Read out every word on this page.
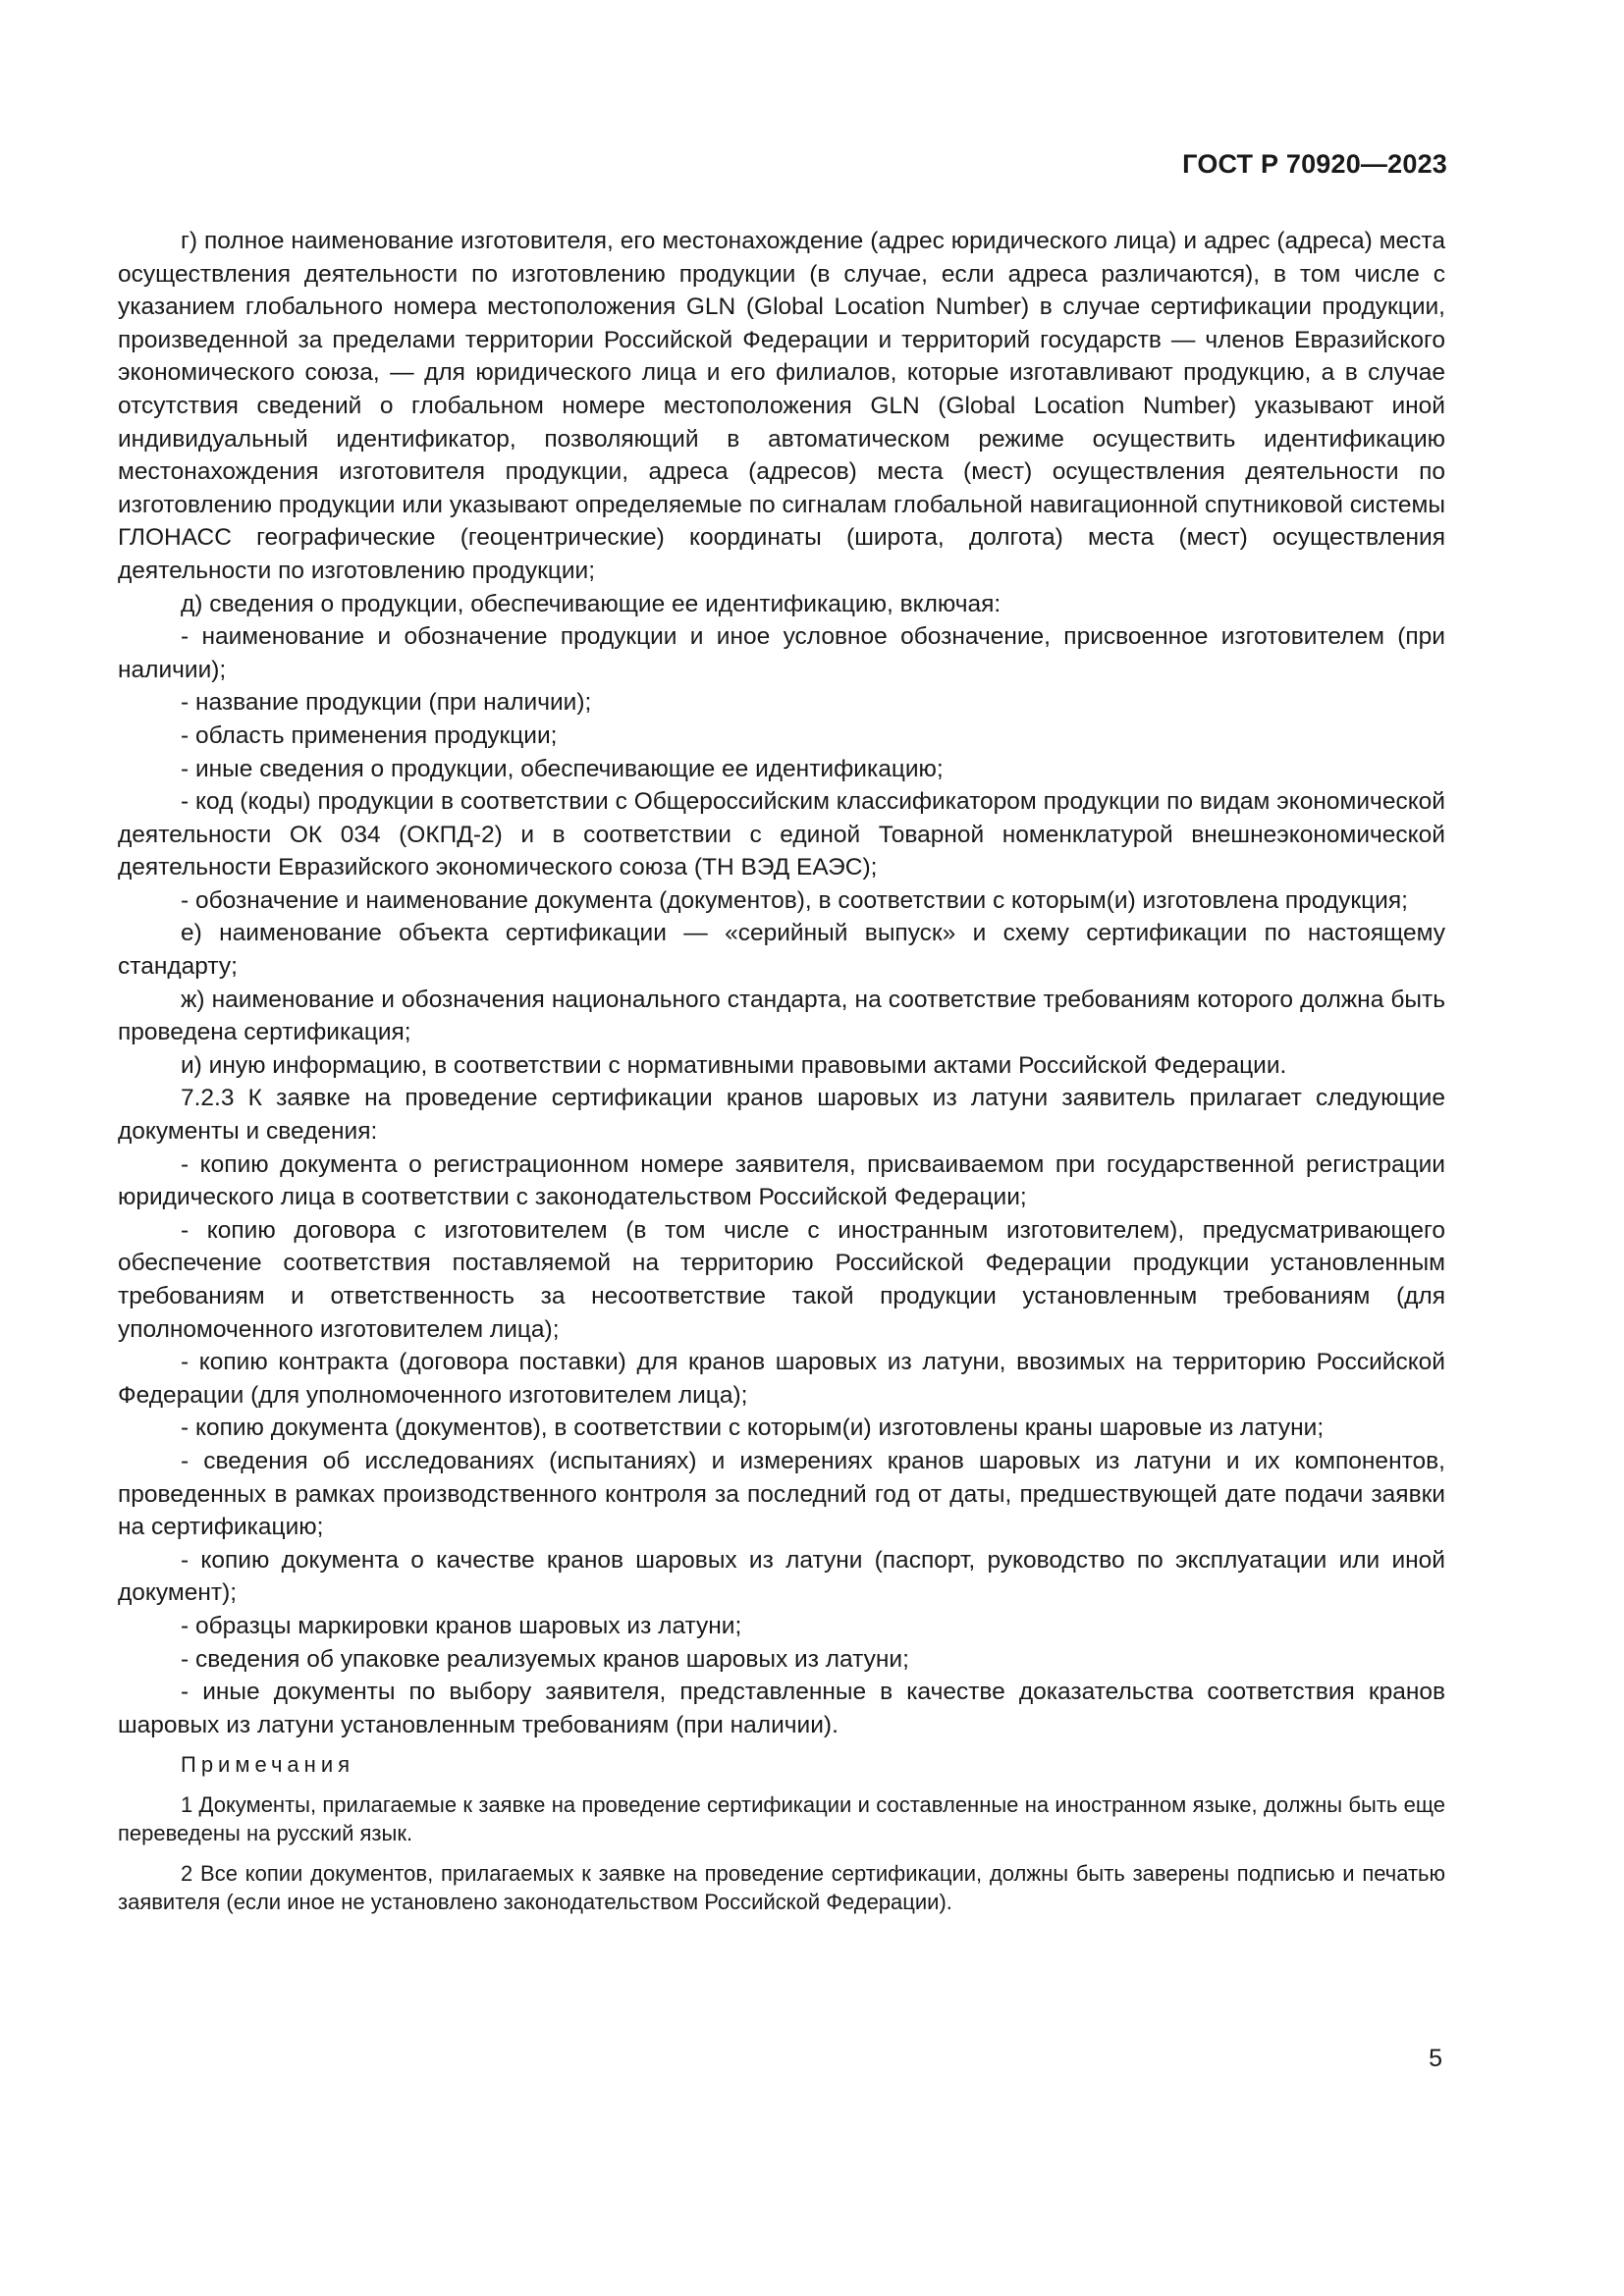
ГОСТ Р 70920—2023

г) полное наименование изготовителя, его местонахождение (адрес юридического лица) и адрес (адреса) места осуществления деятельности по изготовлению продукции (в случае, если адреса различаются), в том числе с указанием глобального номера местоположения GLN (Global Location Number) в случае сертификации продукции, произведенной за пределами территории Российской Федерации и территорий государств — членов Евразийского экономического союза, — для юридического лица и его филиалов, которые изготавливают продукцию, а в случае отсутствия сведений о глобальном номере местоположения GLN (Global Location Number) указывают иной индивидуальный идентификатор, позволяющий в автоматическом режиме осуществить идентификацию местонахождения изготовителя продукции, адреса (адресов) места (мест) осуществления деятельности по изготовлению продукции или указывают определяемые по сигналам глобальной навигационной спутниковой системы ГЛОНАСС географические (геоцентрические) координаты (широта, долгота) места (мест) осуществления деятельности по изготовлению продукции;

д) сведения о продукции, обеспечивающие ее идентификацию, включая:

- наименование и обозначение продукции и иное условное обозначение, присвоенное изготовителем (при наличии);

- название продукции (при наличии);

- область применения продукции;

- иные сведения о продукции, обеспечивающие ее идентификацию;

- код (коды) продукции в соответствии с Общероссийским классификатором продукции по видам экономической деятельности ОК 034 (ОКПД-2) и в соответствии с единой Товарной номенклатурой внешнеэкономической деятельности Евразийского экономического союза (ТН ВЭД ЕАЭС);

- обозначение и наименование документа (документов), в соответствии с которым(и) изготовлена продукция;

е) наименование объекта сертификации — «серийный выпуск» и схему сертификации по настоящему стандарту;

ж) наименование и обозначения национального стандарта, на соответствие требованиям которого должна быть проведена сертификация;

и) иную информацию, в соответствии с нормативными правовыми актами Российской Федерации.

7.2.3 К заявке на проведение сертификации кранов шаровых из латуни заявитель прилагает следующие документы и сведения:

- копию документа о регистрационном номере заявителя, присваиваемом при государственной регистрации юридического лица в соответствии с законодательством Российской Федерации;

- копию договора с изготовителем (в том числе с иностранным изготовителем), предусматривающего обеспечение соответствия поставляемой на территорию Российской Федерации продукции установленным требованиям и ответственность за несоответствие такой продукции установленным требованиям (для уполномоченного изготовителем лица);

- копию контракта (договора поставки) для кранов шаровых из латуни, ввозимых на территорию Российской Федерации (для уполномоченного изготовителем лица);

- копию документа (документов), в соответствии с которым(и) изготовлены краны шаровые из латуни;

- сведения об исследованиях (испытаниях) и измерениях кранов шаровых из латуни и их компонентов, проведенных в рамках производственного контроля за последний год от даты, предшествующей дате подачи заявки на сертификацию;

- копию документа о качестве кранов шаровых из латуни (паспорт, руководство по эксплуатации или иной документ);

- образцы маркировки кранов шаровых из латуни;

- сведения об упаковке реализуемых кранов шаровых из латуни;

- иные документы по выбору заявителя, представленные в качестве доказательства соответствия кранов шаровых из латуни установленным требованиям (при наличии).

Примечания

1 Документы, прилагаемые к заявке на проведение сертификации и составленные на иностранном языке, должны быть еще переведены на русский язык.

2 Все копии документов, прилагаемых к заявке на проведение сертификации, должны быть заверены подписью и печатью заявителя (если иное не установлено законодательством Российской Федерации).

5
